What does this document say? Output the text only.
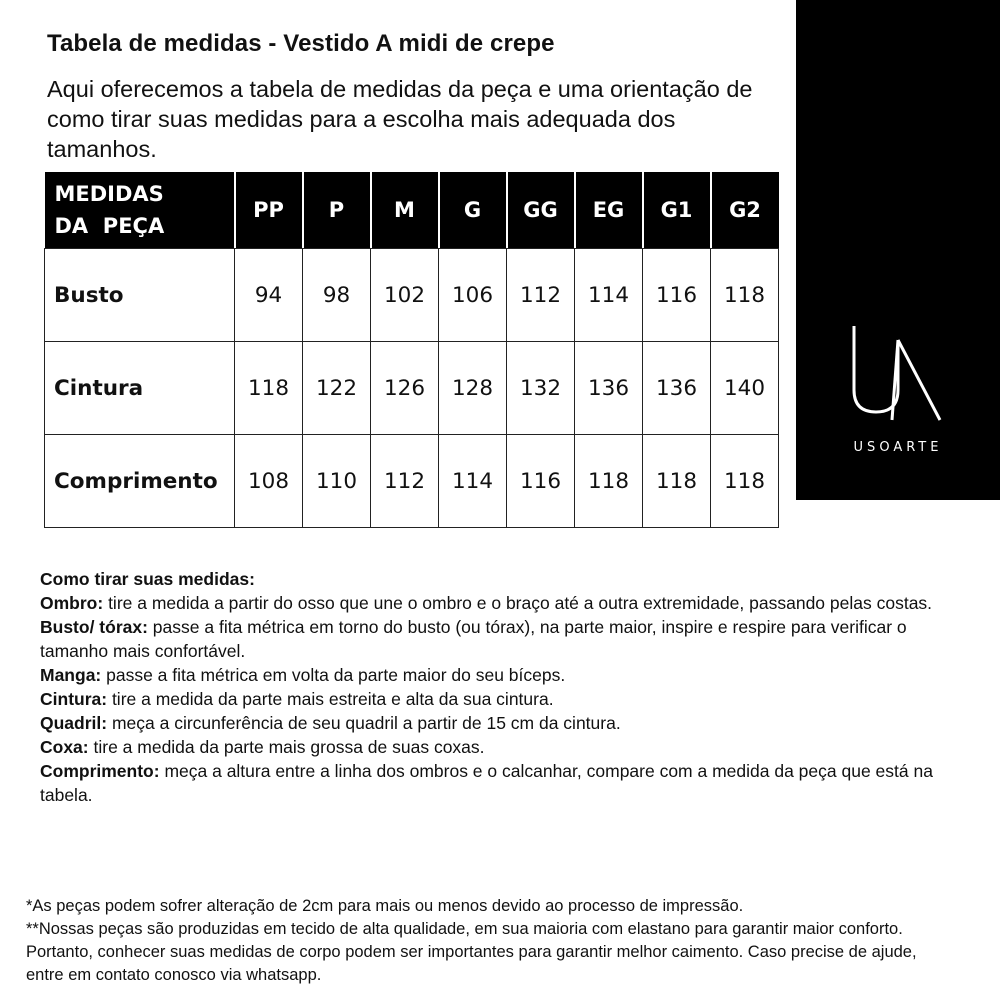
Tabela de medidas - Vestido A midi de crepe
Aqui oferecemos a tabela de medidas da peça e uma orientação de como tirar suas medidas para a escolha mais adequada dos tamanhos.
USOARTE
MEDIDAS
DA  PEÇA	PP	P	M	G	GG	EG	G1	G2

Busto	94	98	102	106	112	114	116	118
Cintura	118	122	126	128	132	136	136	140
Comprimento	108	110	112	114	116	118	118	118

Como tirar suas medidas:

Ombro: tire a medida a partir do osso que une o ombro e o braço até a outra extremidade, passando pelas costas.

Busto/ tórax: passe a fita métrica em torno do busto (ou tórax), na parte maior, inspire e respire para verificar o tamanho mais confortável.

Manga: passe a fita métrica em volta da parte maior do seu bíceps.

Cintura: tire a medida da parte mais estreita e alta da sua cintura.

Quadril: meça a circunferência de seu quadril a partir de 15 cm da cintura.

Coxa: tire a medida da parte mais grossa de suas coxas.

Comprimento: meça a altura entre a linha dos ombros e o calcanhar, compare com a medida da peça que está na tabela.

*As peças podem sofrer alteração de 2cm para mais ou menos devido ao processo de impressão.

**Nossas peças são produzidas em tecido de alta qualidade, em sua maioria com elastano para garantir maior conforto. Portanto, conhecer suas medidas de corpo podem ser importantes para garantir melhor caimento. Caso precise de ajude, entre em contato conosco via whatsapp.
